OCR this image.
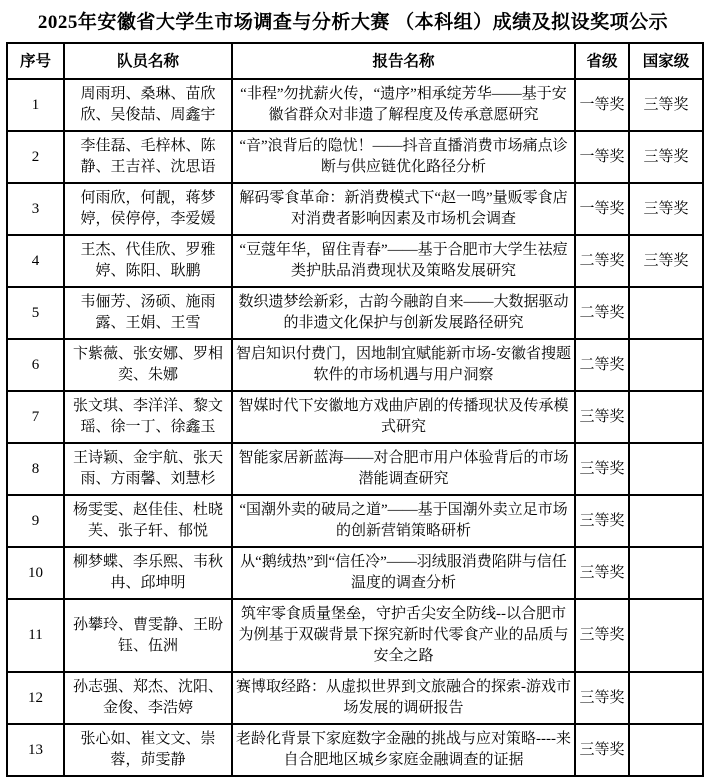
2025年安徽省大学生市场调查与分析大赛 （本科组）成绩及拟设奖项公示
序号	队员名称	报告名称	省级	国家级
1	周雨玥、桑琳、苗欣欣、吴俊喆、周鑫宇	“非程”勿扰薪火传，“遗序”相承绽芳华——基于安徽省群众对非遗了解程度及传承意愿研究	一等奖	三等奖
2	李佳磊、毛梓林、陈静、王吉祥、沈思语	“音”浪背后的隐忧！——抖音直播消费市场痛点诊断与供应链优化路径分析	一等奖	三等奖
3	何雨欣，何靓，蒋梦婷，侯停停，李爱媛	解码零食革命：新消费模式下“赵一鸣”量贩零食店对消费者影响因素及市场机会调查	一等奖	三等奖
4	王杰、代佳欣、罗雅婷、陈阳、耿鹏	“豆蔻年华，留住青春”——基于合肥市大学生祛痘类护肤品消费现状及策略发展研究	二等奖	三等奖
5	韦俪芳、汤硕、施雨露、王娟、王雪	数织遗梦绘新彩，古韵今融韵自来——大数据驱动的非遗文化保护与创新发展路径研究	二等奖	
6	卞紫薇、张安娜、罗相奕、朱娜	智启知识付费门，因地制宜赋能新市场-安徽省搜题软件的市场机遇与用户洞察	二等奖	
7	张文琪、李洋洋、黎文瑶、徐一丁、徐鑫玉	智媒时代下安徽地方戏曲庐剧的传播现状及传承模式研究	三等奖	
8	王诗颖、金宇航、张天雨、方雨馨、刘慧杉	智能家居新蓝海——对合肥市用户体验背后的市场潜能调查研究	三等奖	
9	杨雯雯、赵佳佳、杜晓芙、张子轩、郁悦	“国潮外卖的破局之道”——基于国潮外卖立足市场的创新营销策略研析	三等奖	
10	柳梦蝶、李乐熙、韦秋冉、邱坤明	从“鹅绒热”到“信任冷”——羽绒服消费陷阱与信任温度的调查分析	三等奖	
11	孙攀玲、曹雯静、王盼钰、伍洲	筑牢零食质量堡垒，守护舌尖安全防线--以合肥市为例基于双碳背景下探究新时代零食产业的品质与安全之路	三等奖	
12	孙志强、郑杰、沈阳、金俊、李浩婷	赛博取经路：从虚拟世界到文旅融合的探索-游戏市场发展的调研报告	三等奖	
13	张心如、崔文文、崇蓉，茆雯静	老龄化背景下家庭数字金融的挑战与应对策略----来自合肥地区城乡家庭金融调查的证据	三等奖	
